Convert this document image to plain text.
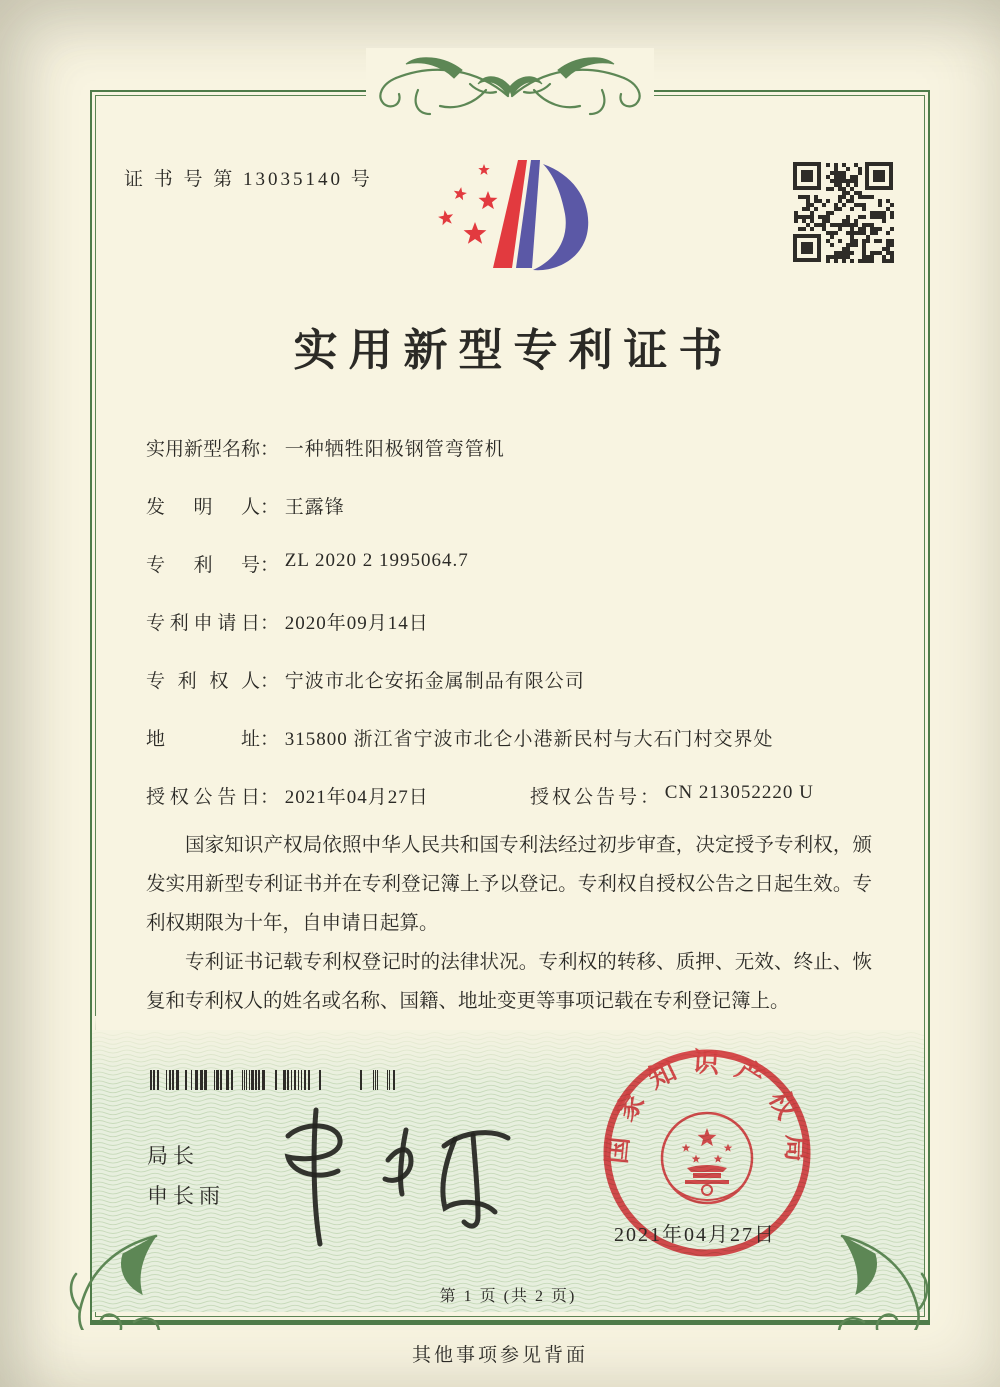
证 书 号 第 13035140 号
实用新型专利证书
实用新型名称： 一种牺牲阳极钢管弯管机
发明人： 王露锋
专利号： ZL 2020 2 1995064.7
专利申请日： 2020年09月14日
专利权人： 宁波市北仑安拓金属制品有限公司
地址： 315800 浙江省宁波市北仑小港新民村与大石门村交界处
授权公告日： 2021年04月27日	授权公告号： CN 213052220 U

国家知识产权局依照中华人民共和国专利法经过初步审查，决定授予专利权，颁发实用新型专利证书并在专利登记簿上予以登记。专利权自授权公告之日起生效。专利权期限为十年，自申请日起算。

专利证书记载专利权登记时的法律状况。专利权的转移、质押、无效、终止、恢复和专利权人的姓名或名称、国籍、地址变更等事项记载在专利登记簿上。

局长
申长雨
国家知识产权局
2021年04月27日
第 1 页 (共 2 页)
其他事项参见背面
